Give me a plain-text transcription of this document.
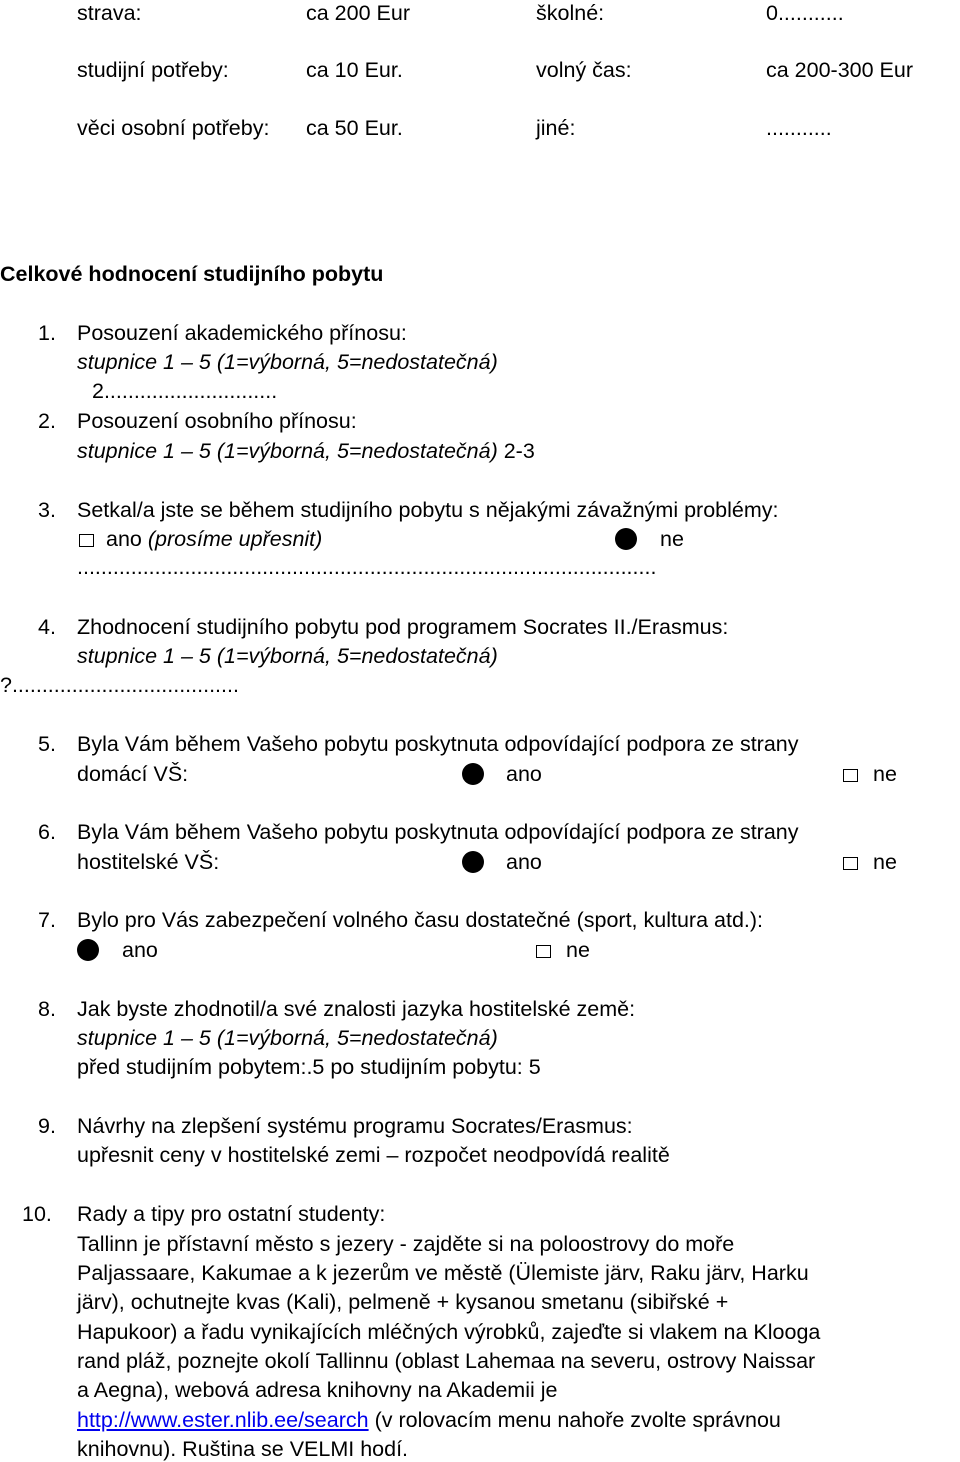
strava:	ca 200 Eur	školné:	0...........
studijní potřeby:	ca 10 Eur.	volný čas:	ca 200-300 Eur
věci osobní potřeby: ca 50 Eur.	jiné:	...........
Celkové hodnocení studijního pobytu
1. Posouzení akademického přínosu:
stupnice 1 – 5 (1=výborná, 5=nedostatečná)
2.............................
2. Posouzení osobního přínosu:
stupnice 1 – 5 (1=výborná, 5=nedostatečná) 2-3
3. Setkal/a jste se během studijního pobytu s nějakými závažnými problémy:
ano (prosíme upřesnit)	ne
.................................................................................................
4. Zhodnocení studijního pobytu pod programem Socrates II./Erasmus:
stupnice 1 – 5 (1=výborná, 5=nedostatečná)
?......................................
5. Byla Vám během Vašeho pobytu poskytnuta odpovídající podpora ze strany
domácí VŠ:	ano	ne
6. Byla Vám během Vašeho pobytu poskytnuta odpovídající podpora ze strany
hostitelské VŠ:	ano	ne
7. Bylo pro Vás zabezpečení volného času dostatečné (sport, kultura atd.):
ano	ne
8. Jak byste zhodnotil/a své znalosti jazyka hostitelské země:
stupnice 1 – 5 (1=výborná, 5=nedostatečná)
před studijním pobytem:.5 po studijním pobytu: 5
9. Návrhy na zlepšení systému programu Socrates/Erasmus:
upřesnit ceny v hostitelské zemi – rozpočet neodpovídá realitě
10. Rady a tipy pro ostatní studenty:
Tallinn je přístavní město s jezery - zajděte si na poloostrovy do moře
Paljassaare, Kakumae a k jezerům ve městě (Ülemiste järv, Raku järv, Harku
järv), ochutnejte kvas (Kali), pelmeně + kysanou smetanu (sibiřské +
Hapukoor) a řadu vynikajících mléčných výrobků, zajeďte si vlakem na Klooga
rand pláž, poznejte okolí Tallinnu (oblast Lahemaa na severu, ostrovy Naissar
a Aegna), webová adresa knihovny na Akademii je
http://www.ester.nlib.ee/search (v rolovacím menu nahoře zvolte správnou
knihovnu). Ruština se VELMI hodí.
